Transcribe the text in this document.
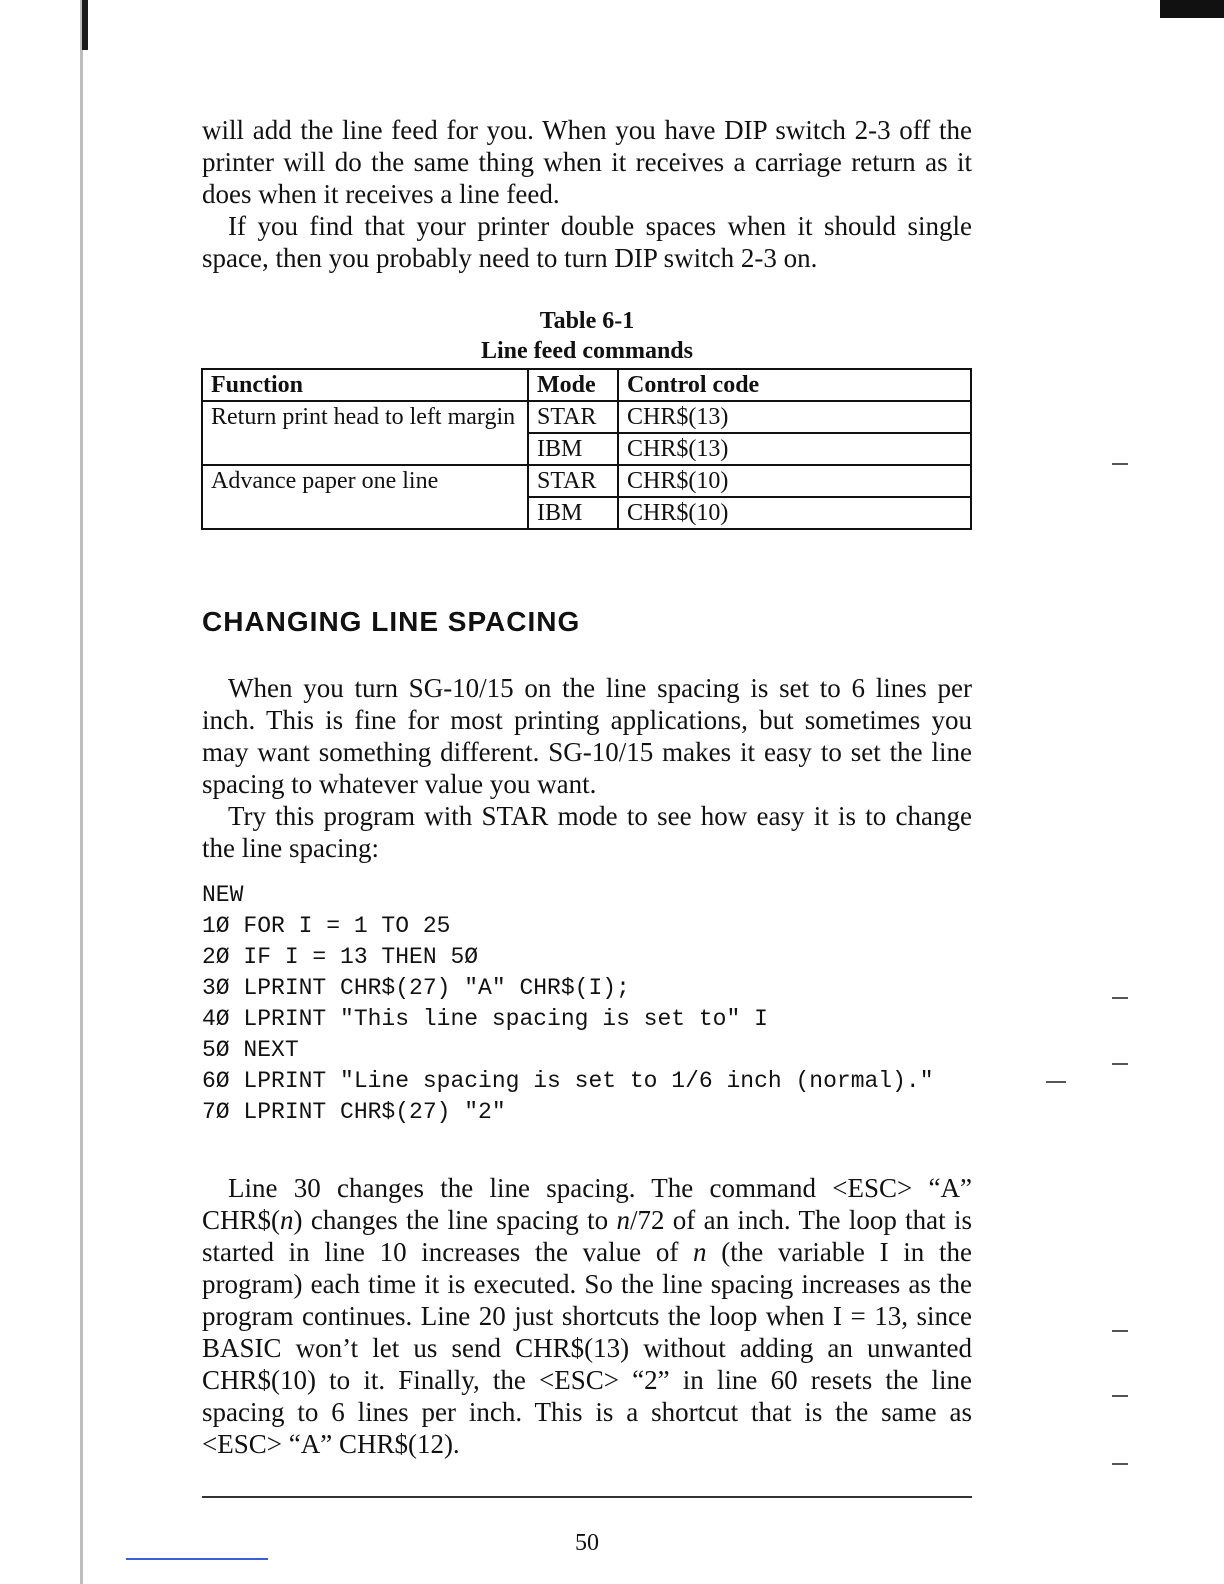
will add the line feed for you. When you have DIP switch 2-3 off the printer will do the same thing when it receives a carriage return as it does when it receives a line feed.

If you find that your printer double spaces when it should single space, then you probably need to turn DIP switch 2-3 on.

Table 6-1
Line feed commands
Function	Mode	Control code
Return print head to left margin	STAR	CHR$(13)
	IBM	CHR$(13)
Advance paper one line	STAR	CHR$(10)
	IBM	CHR$(10)
CHANGING LINE SPACING

When you turn SG-10/15 on the line spacing is set to 6 lines per inch. This is fine for most printing applications, but sometimes you may want something different. SG-10/15 makes it easy to set the line spacing to whatever value you want.

Try this program with STAR mode to see how easy it is to change the line spacing:

NEW
1Ø FOR I = 1 TO 25
2Ø IF I = 13 THEN 5Ø
3Ø LPRINT CHR$(27) "A" CHR$(I);
4Ø LPRINT "This line spacing is set to" I
5Ø NEXT
6Ø LPRINT "Line spacing is set to 1/6 inch (normal)."
7Ø LPRINT CHR$(27) "2"

Line 30 changes the line spacing. The command <ESC> “A” CHR$(n) changes the line spacing to n/72 of an inch. The loop that is started in line 10 increases the value of n (the variable I in the program) each time it is executed. So the line spacing increases as the program continues. Line 20 just shortcuts the loop when I = 13, since BASIC won’t let us send CHR$(13) without adding an unwanted CHR$(10) to it. Finally, the <ESC> “2” in line 60 resets the line spacing to 6 lines per inch. This is a shortcut that is the same as <ESC> “A” CHR$(12).

50
